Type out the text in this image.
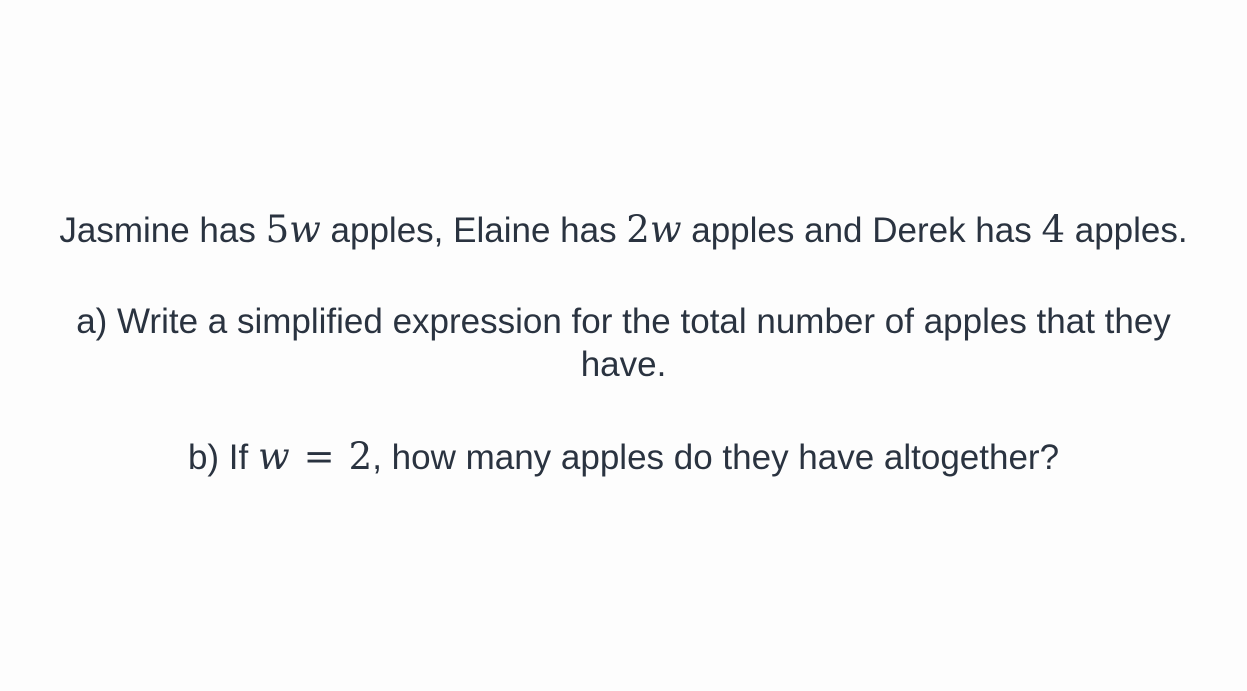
Jasmine has 5w apples, Elaine has 2w apples and Derek has 4 apples.
a) Write a simplified expression for the total number of apples that they
have.
b) If w = 2, how many apples do they have altogether?
